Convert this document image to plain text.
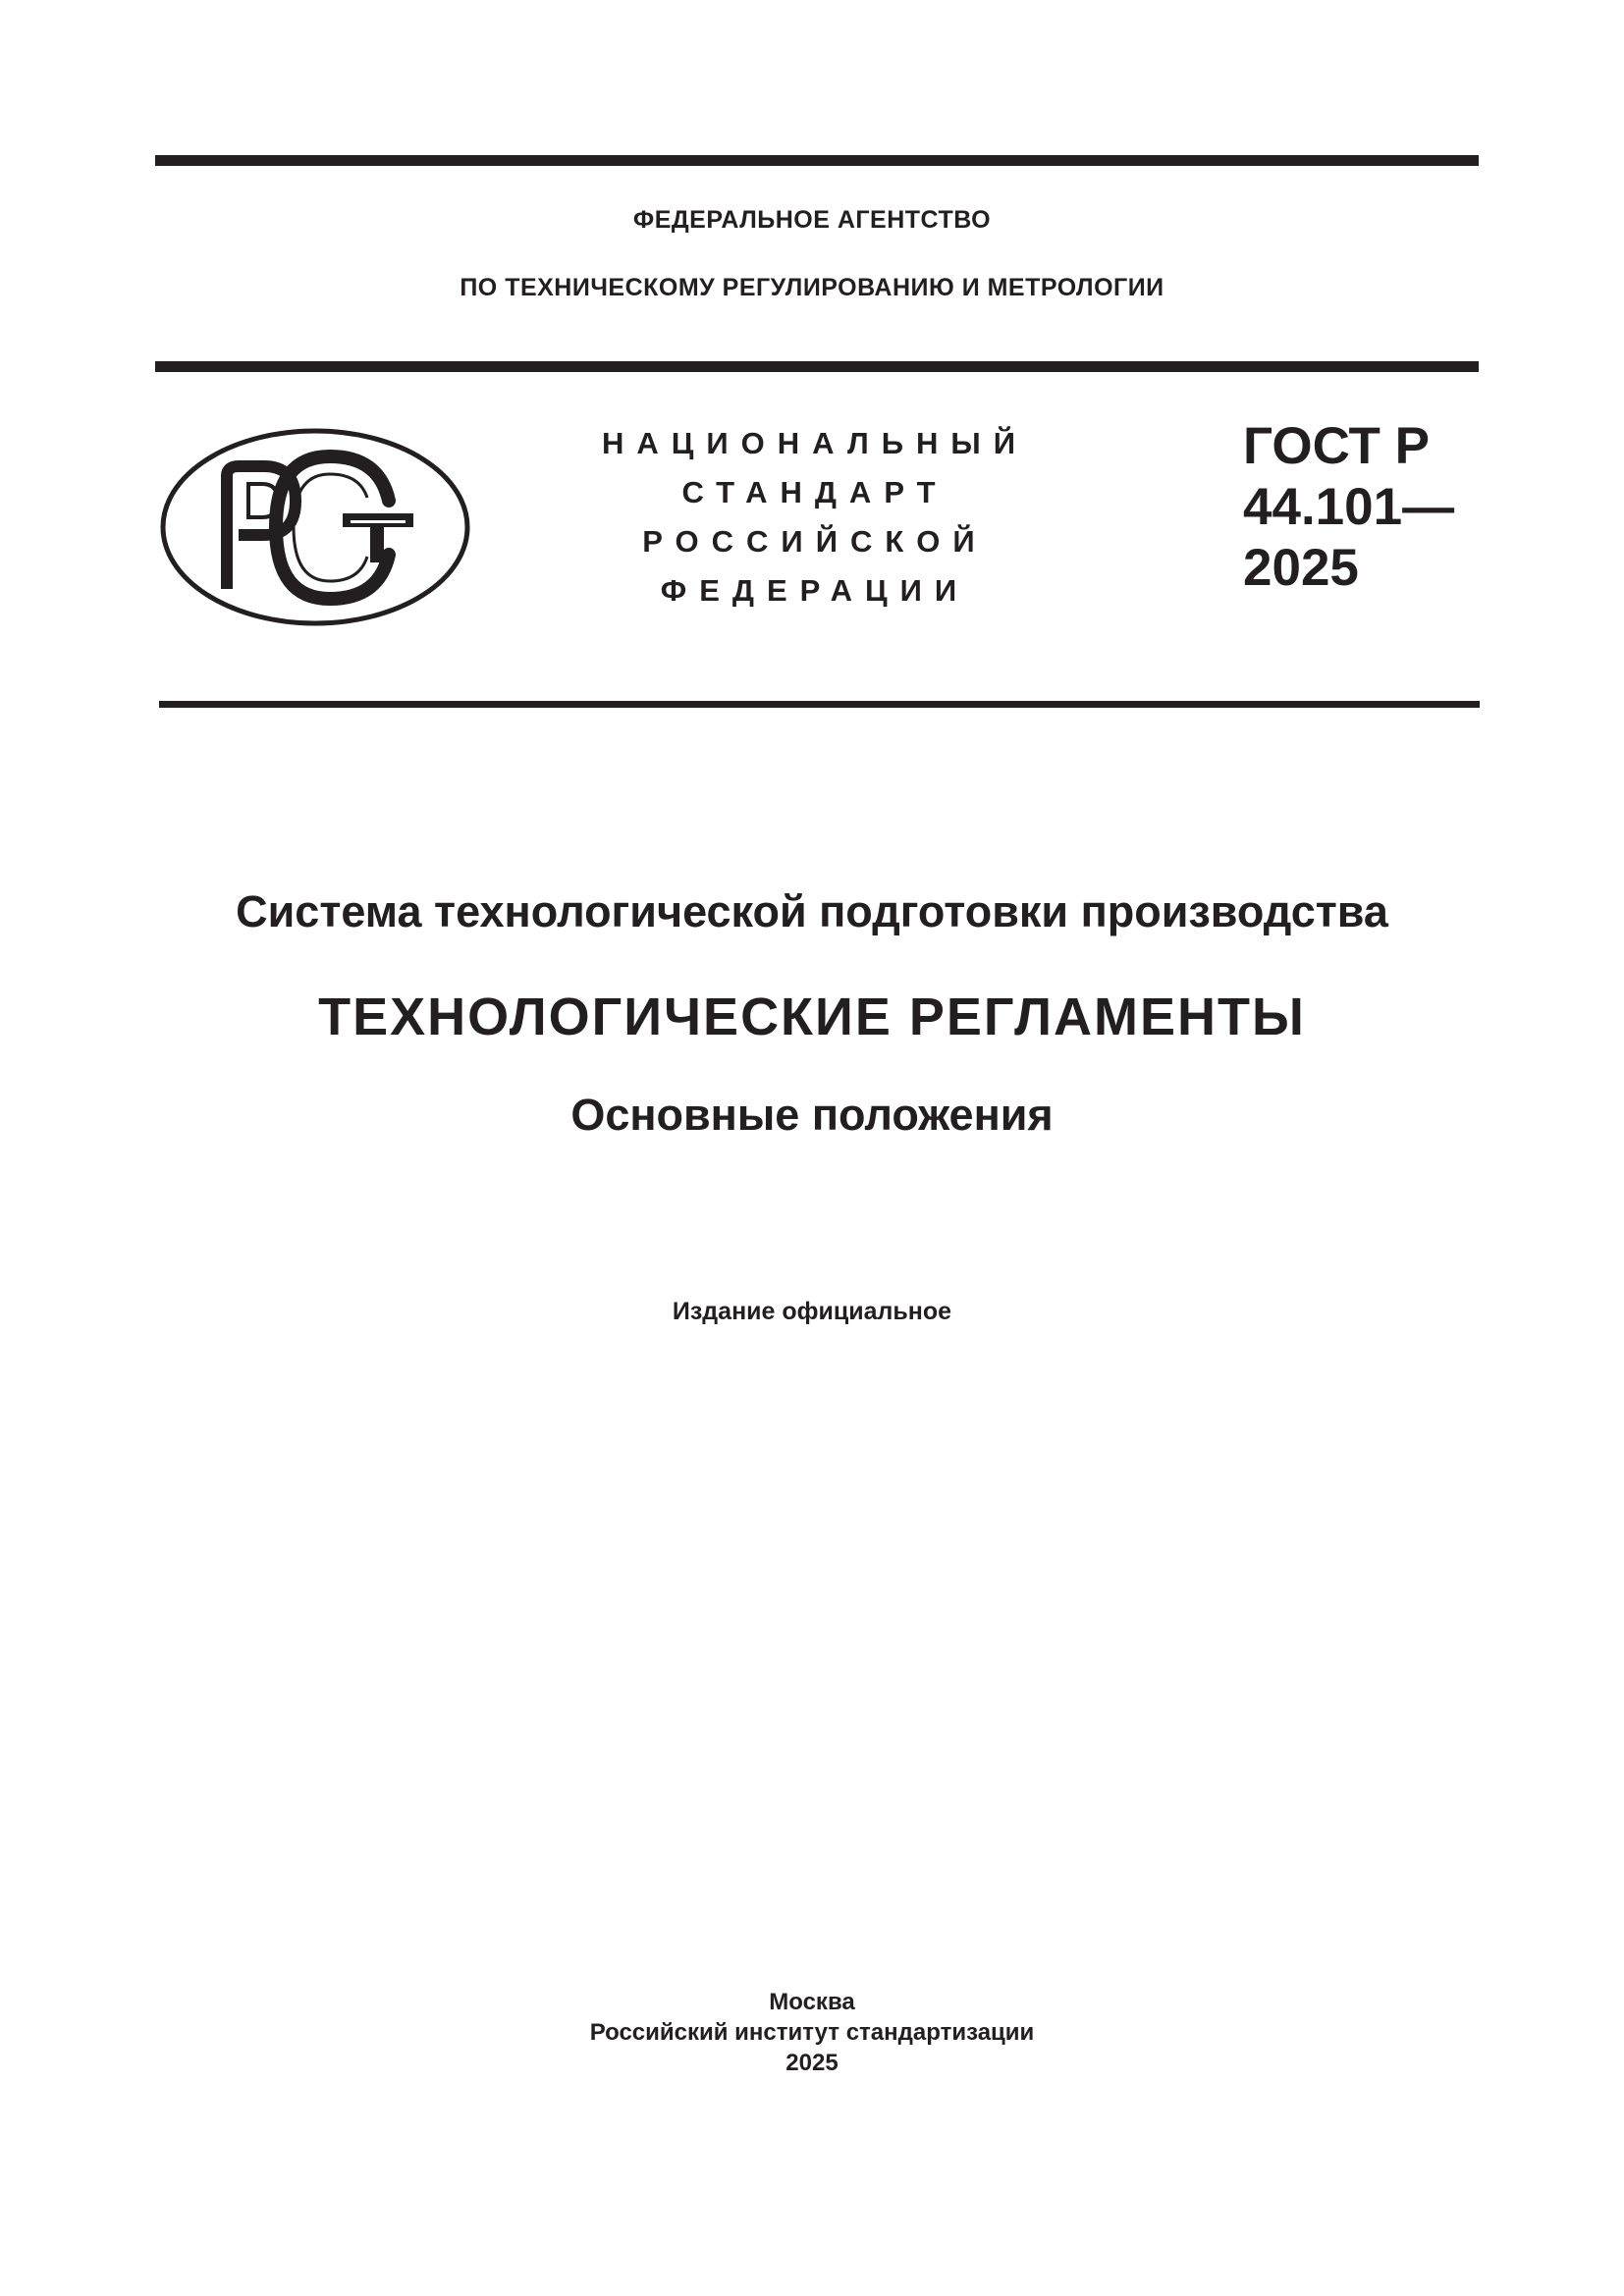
ФЕДЕРАЛЬНОЕ АГЕНТСТВО
ПО ТЕХНИЧЕСКОМУ РЕГУЛИРОВАНИЮ И МЕТРОЛОГИИ
НАЦИОНАЛЬНЫЙ
СТАНДАРТ
РОССИЙСКОЙ
ФЕДЕРАЦИИ
ГОСТ Р
44.101—
2025
Система технологической подготовки производства
ТЕХНОЛОГИЧЕСКИЕ РЕГЛАМЕНТЫ
Основные положения
Издание официальное
Москва
Российский институт стандартизации
2025
